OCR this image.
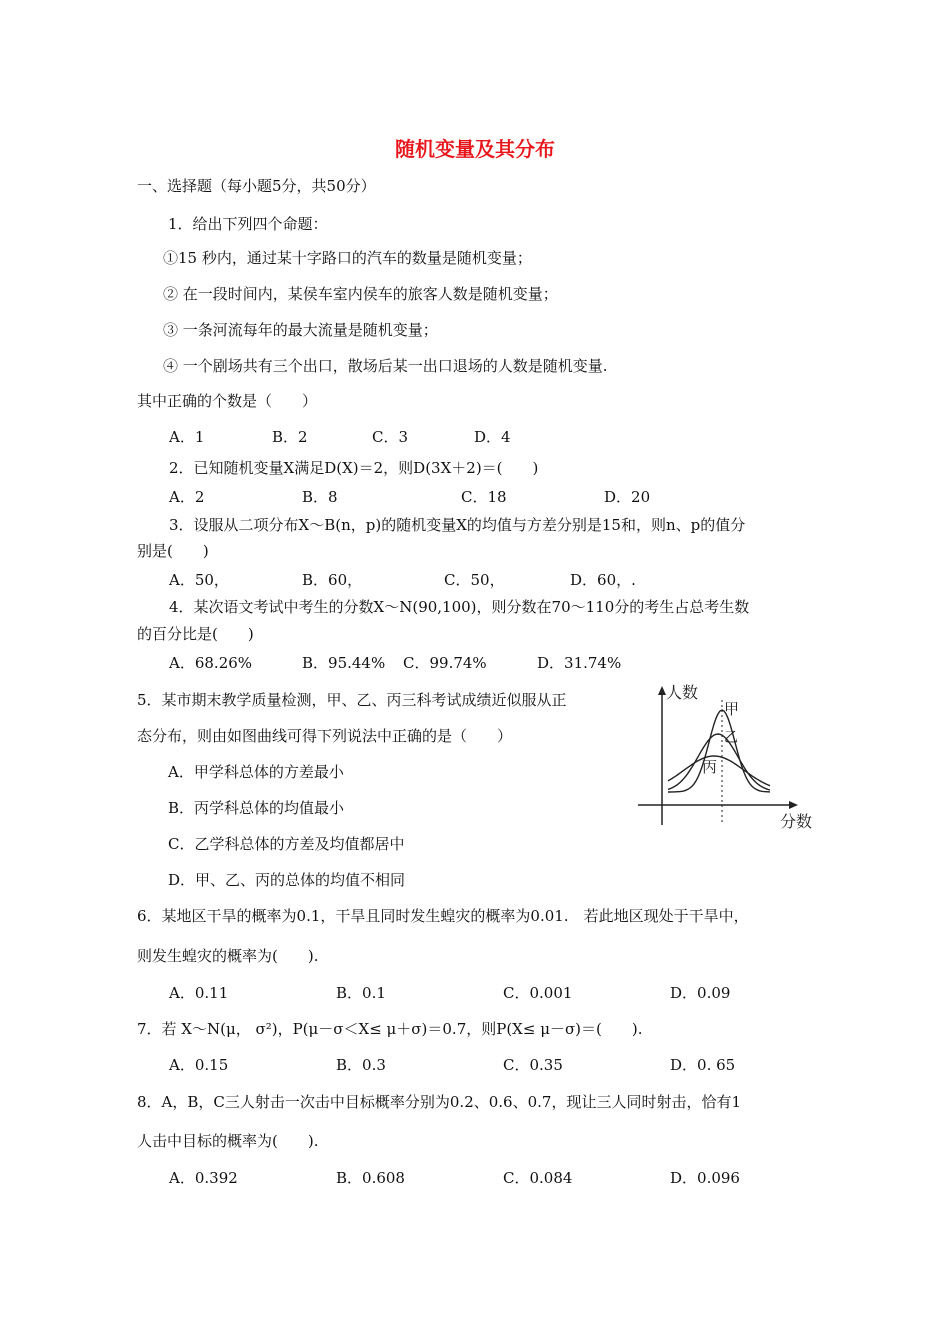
随机变量及其分布
一、选择题（每小题5分，共50分）
1．给出下列四个命题：
①15 秒内，通过某十字路口的汽车的数量是随机变量；
② 在一段时间内，某侯车室内侯车的旅客人数是随机变量；
③ 一条河流每年的最大流量是随机变量；
④ 一个剧场共有三个出口，散场后某一出口退场的人数是随机变量.
其中正确的个数是（　　）
A．1	B．2	C．3	D．4
2．已知随机变量X满足D(X)＝2，则D(3X＋2)＝(　　)
A．2	B．8	C．18	D．20
3．设服从二项分布X～B(n，p)的随机变量X的均值与方差分别是15和，则n、p的值分
别是(　　)
A．50，	B．60，	C．50，	D．60，.
4．某次语文考试中考生的分数X～N(90,100)，则分数在70～110分的考生占总考生数
的百分比是(　　)
A．68.26%	B．95.44% C．99.74%	D．31.74%
5．某市期末教学质量检测，甲、乙、丙三科考试成绩近似服从正
态分布，则由如图曲线可得下列说法中正确的是（　　）
A．甲学科总体的方差最小
B．丙学科总体的均值最小
C．乙学科总体的方差及均值都居中
D．甲、乙、丙的总体的均值不相同
人数
分数
甲
乙
丙
6．某地区干旱的概率为0.1，干旱且同时发生蝗灾的概率为0.01.　若此地区现处于干旱中，
则发生蝗灾的概率为(　　).
A．0.11	B．0.1	C．0.001	D．0.09
7．若 X～N(μ， σ²)，P(μ－σ＜X≤ μ＋σ)＝0.7，则P(X≤ μ－σ)＝(　　).
A．0.15	B．0.3	C．0.35	D．0. 65
8．A，B，C三人射击一次击中目标概率分别为0.2、0.6、0.7，现让三人同时射击，恰有1
人击中目标的概率为(　　).
A．0.392	B．0.608	C．0.084	D．0.096
